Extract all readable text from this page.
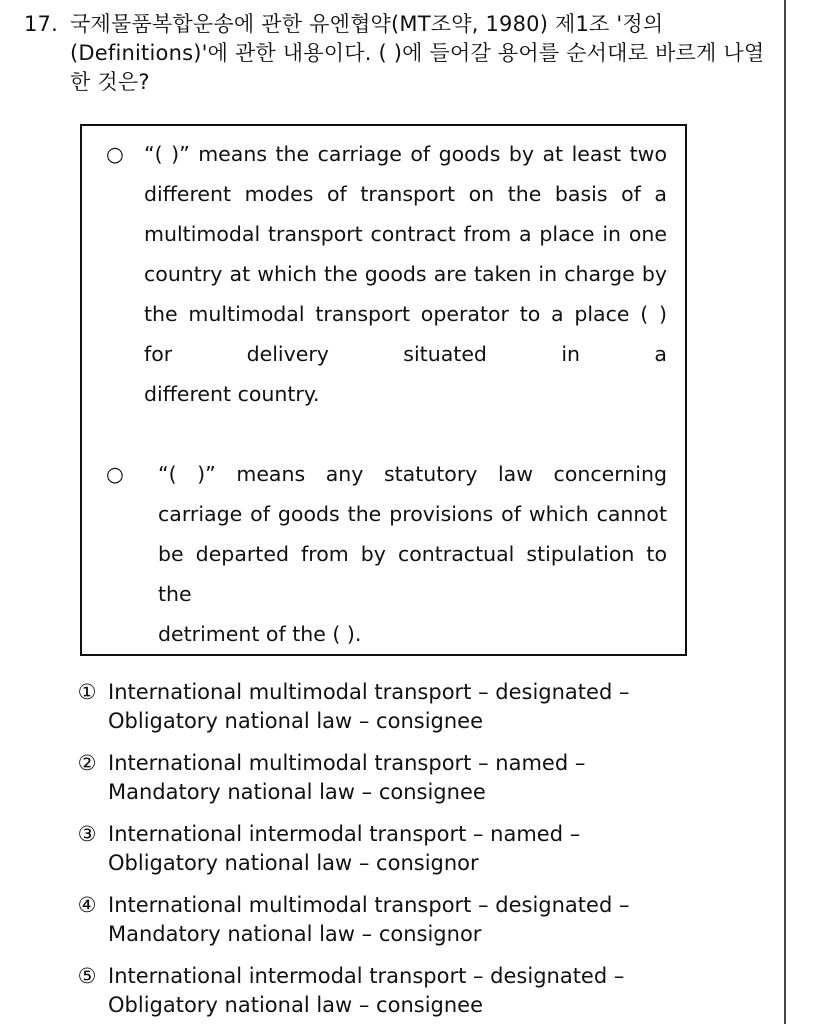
17. 국제물품복합운송에 관한 유엔협약(MT조약, 1980) 제1조 '정의(Definitions)'에 관한 내용이다. ( )에 들어갈 용어를 순서대로 바르게 나열한 것은?
○ “( )” means the carriage of goods by at least two different modes of transport on the basis of a multimodal transport contract from a place in one country at which the goods are taken in charge by the multimodal transport operator to a place ( ) for delivery situated in a
different country.
○ “( )” means any statutory law concerning carriage of goods the provisions of which cannot be departed from by contractual stipulation to the
detriment of the ( ).
① International multimodal transport – designated –
Obligatory national law – consignee
② International multimodal transport – named –
Mandatory national law – consignee
③ International intermodal transport – named –
Obligatory national law – consignor
④ International multimodal transport – designated –
Mandatory national law – consignor
⑤ International intermodal transport – designated –
Obligatory national law – consignee
